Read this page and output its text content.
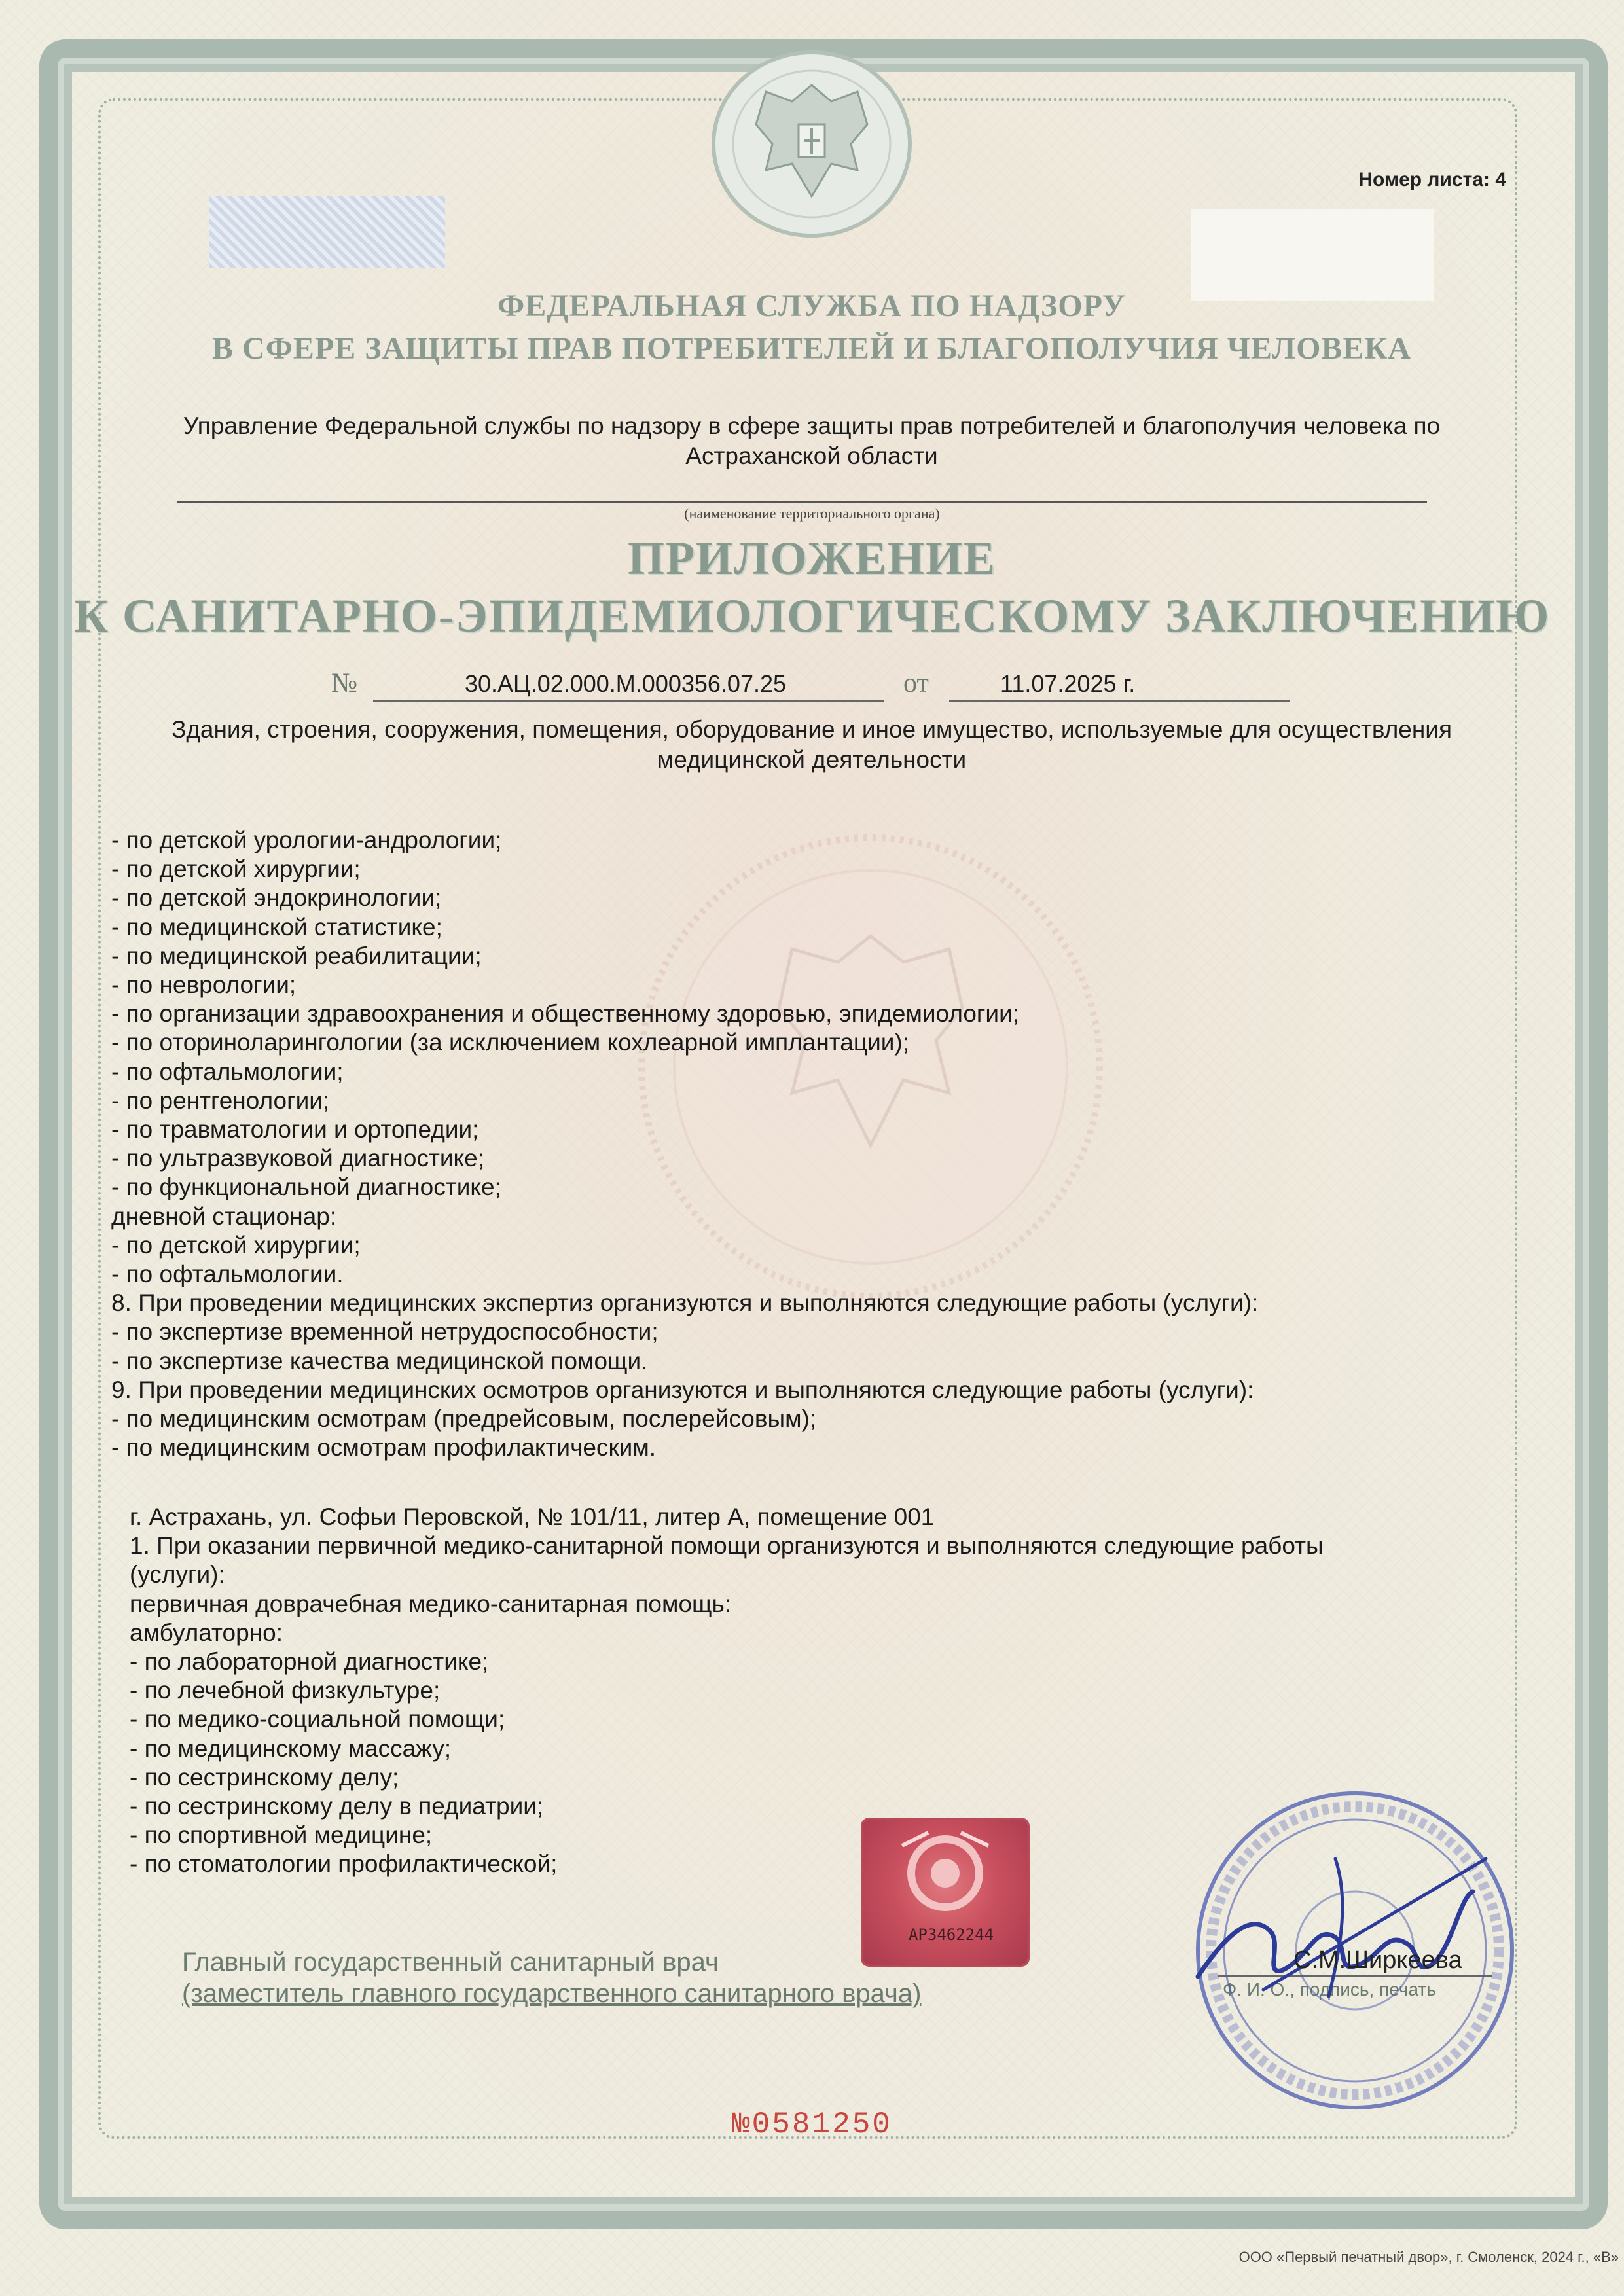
Номер листа: 4
ФЕДЕРАЛЬНАЯ СЛУЖБА ПО НАДЗОРУ
В СФЕРЕ ЗАЩИТЫ ПРАВ ПОТРЕБИТЕЛЕЙ И БЛАГОПОЛУЧИЯ ЧЕЛОВЕКА
Управление Федеральной службы по надзору в сфере защиты прав потребителей и благополучия человека по Астраханской области
(наименование территориального органа)
ПРИЛОЖЕНИЕ
К САНИТАРНО-ЭПИДЕМИОЛОГИЧЕСКОМУ ЗАКЛЮЧЕНИЮ
№	30.АЦ.02.000.М.000356.07.25	от	11.07.2025 г.
Здания, строения, сооружения, помещения, оборудование и иное имущество, используемые для осуществления медицинской деятельности
- по детской урологии-андрологии;
- по детской хирургии;
- по детской эндокринологии;
- по медицинской статистике;
- по медицинской реабилитации;
- по неврологии;
- по организации здравоохранения и общественному здоровью, эпидемиологии;
- по оториноларингологии (за исключением кохлеарной имплантации);
- по офтальмологии;
- по рентгенологии;
- по травматологии и ортопедии;
- по ультразвуковой диагностике;
- по функциональной диагностике;
дневной стационар:
- по детской хирургии;
- по офтальмологии.
8. При проведении медицинских экспертиз организуются и выполняются следующие работы (услуги):
- по экспертизе временной нетрудоспособности;
- по экспертизе качества медицинской помощи.
9. При проведении медицинских осмотров организуются и выполняются следующие работы (услуги):
- по медицинским осмотрам (предрейсовым, послерейсовым);
- по медицинским осмотрам профилактическим.
г. Астрахань, ул. Софьи Перовской, № 101/11, литер А, помещение 001
1. При оказании первичной медико-санитарной помощи организуются и выполняются следующие работы
(услуги):
первичная доврачебная медико-санитарная помощь:
амбулаторно:
- по лабораторной диагностике;
- по лечебной физкультуре;
- по медико-социальной помощи;
- по медицинскому массажу;
- по сестринскому делу;
- по сестринскому делу в педиатрии;
- по спортивной медицине;
- по стоматологии профилактической;
АР3462244
Главный государственный санитарный врач
(заместитель главного государственного санитарного врача)	Ф. И. О., подпись, печать
С.М.Ширкеева
№0581250
ООО «Первый печатный двор», г. Смоленск, 2024 г., «В»
